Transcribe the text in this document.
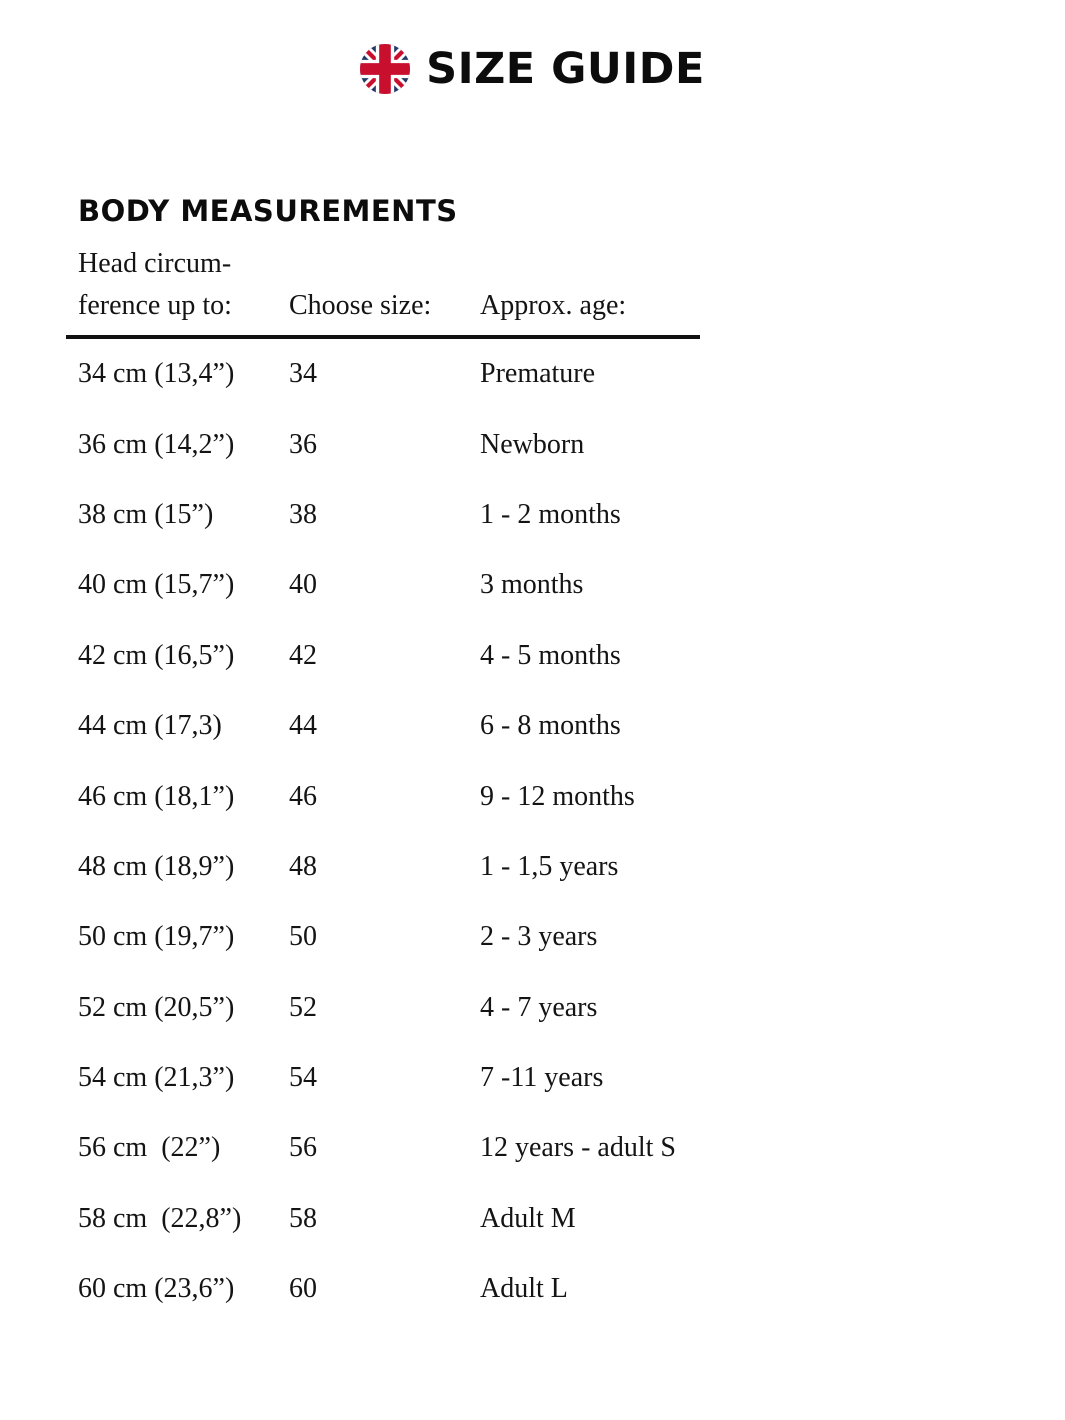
SIZE GUIDE
BODY MEASUREMENTS
Head circum-
ference up to:	Choose size:	Approx. age:
34 cm (13,4”)	34	Premature
36 cm (14,2”)	36	Newborn
38 cm (15”)	38	1 - 2 months
40 cm (15,7”)	40	3 months
42 cm (16,5”)	42	4 - 5 months
44 cm (17,3)	44	6 - 8 months
46 cm (18,1”)	46	9 - 12 months
48 cm (18,9”)	48	1 - 1,5 years
50 cm (19,7”)	50	2 - 3 years
52 cm (20,5”)	52	4 - 7 years
54 cm (21,3”)	54	7 -11 years
56 cm  (22”)	56	12 years - adult S
58 cm  (22,8”)	58	Adult M
60 cm (23,6”)	60	Adult L
